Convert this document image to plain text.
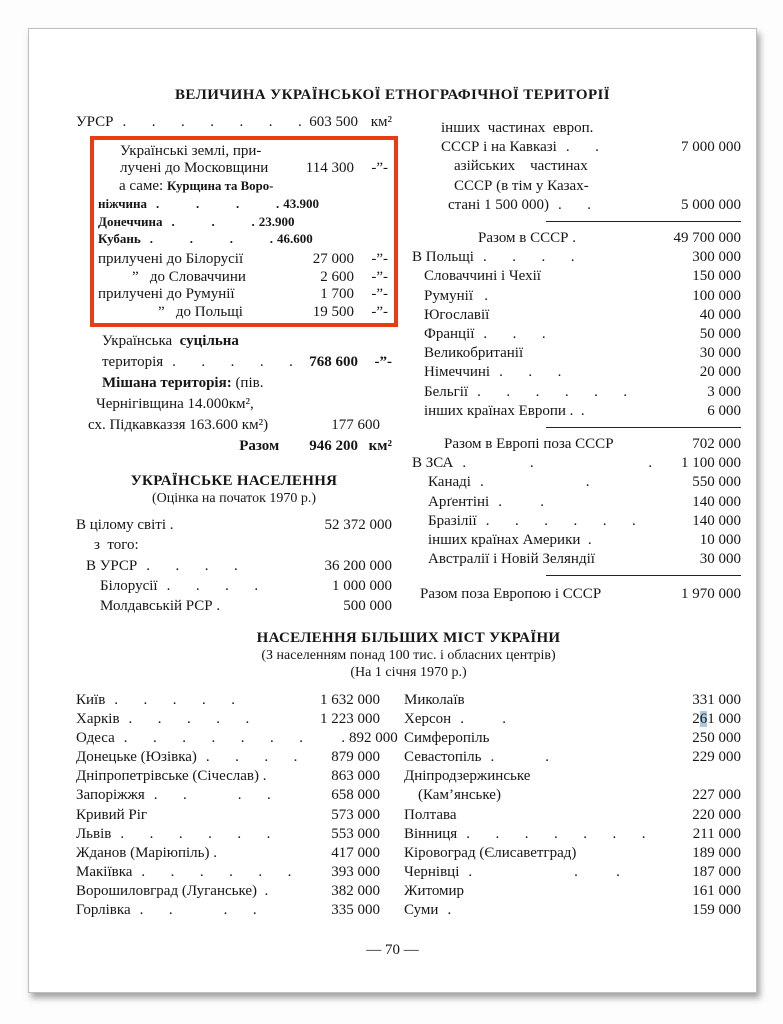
ВЕЛИЧИНА УКРАЇНСЬКОЇ ЕТНОГРАФІЧНОЇ ТЕРИТОРІЇ
УРСР .  .  .  .  .  .  . 603 500 км²
Українські землі, при-
лучені до Московщини	114 300	-”-
а саме: Курщина та Воро-
ніжчина .   .   .   . 43.900
Донеччина .   .   . 23.900
Кубань .   .   .   . 46.600
прилучені до Білорусії	27 000	-”-
”   до Словаччини	2 600	-”-
прилучені до Румунії	1 700	-”-
”   до Польщі	19 500	-”-
Українська  суцільна
територія .  .  .  .  . 768 600	-”-
Мішана територія: (пів.
Чернігівщина 14.000км²,
сх. Підкавказзя 163.600 км²)	177 600
Разом 946 200 км²
УКРАЇНСЬКЕ НАСЕЛЕННЯ
(Оцінка на початок 1970 р.)
В цілому світі .	52 372 000
з  того:
В УРСР .  .  .  .	36 200 000
Білорусії .  .  .  .	1 000 000
Молдавській РСР .	500 000
інших  частинах  европ.
СССР і на Кавказі .  .	7 000 000
азійських    частинах
СССР (в тім у Казах-
стані 1 500 000) .  .	5 000 000
Разом в СССР .	49 700 000
В Польщі .  .  .  .	300 000
Словаччині і Чехії	150 000
Румунії   .	100 000
Югославії	40 000
Франції .  .  .	50 000
Великобританії	30 000
Німеччині .  .  .	20 000
Бельгії .  .  .  .  .  .	3 000
інших країнах Европи .  .	6 000
Разом в Европі поза СССР	702 000
В ЗСА .     .         . 1 100 000
Канаді .        .	550 000
Арґентіні .   .	140 000
Бразілії .  .  .  .  .  .	140 000
інших країнах Америки  .	10 000
Австралії і Новій Зеляндії	30 000
Разом поза Европою і СССР	1 970 000
НАСЕЛЕННЯ БІЛЬШИХ МІСТ УКРАЇНИ
(З населенням понад 100 тис. і обласних центрів)
(На 1 січня 1970 р.)
Київ .  .  .  .  .	1 632 000
Харків .  .  .  .  .	1 223 000
Одеса .  .  .  .  .  .  .   . 892 000
Донецьке (Юзівка) .  .  .  . 879 000
Дніпропетрівське (Січеслав) .	863 000
Запоріжжя .  .    .  .	658 000
Кривий Ріг	573 000
Львів .  .  .  .  .  .	553 000
Жданов (Маріюпіль) .	417 000
Макіївка .  .  .  .  .  .	393 000
Ворошиловград (Луганське)  .	382 000
Горлівка .  .    .  .	335 000
Миколаїв	331 000
Херсон .   .	261 000
Симферопіль	250 000
Севастопіль .    .	229 000
Дніпродзержинське
(Кам’янське)	227 000
Полтава	220 000
Вінниця .  .  .  .  .  .  .	211 000
Кіровоград (Єлисаветград)	189 000
Чернівці .        .   .	187 000
Житомир	161 000
Суми .	159 000
— 70 —
